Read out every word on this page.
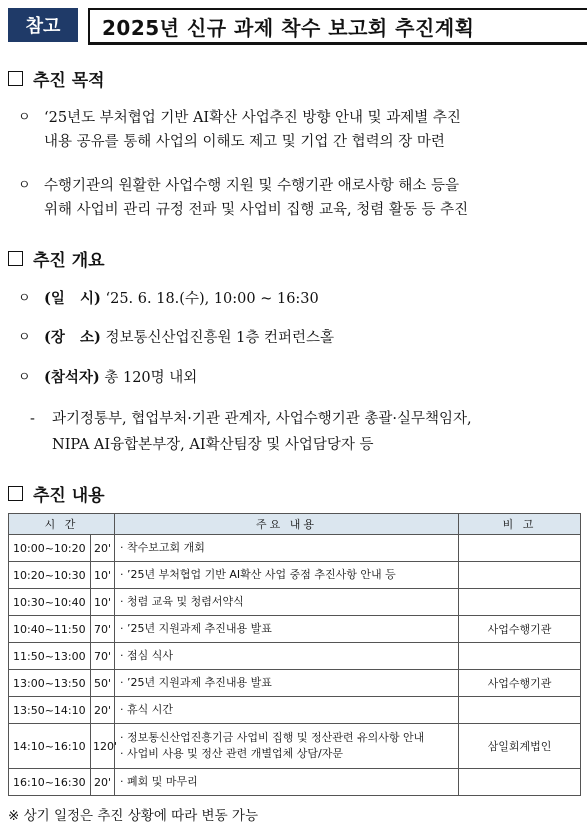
참고	2025년 신규 과제 착수 보고회 추진계획
추진 목적
ㅇ ‘25년도 부처협업 기반 AI확산 사업추진 방향 안내 및 과제별 추진
내용 공유를 통해 사업의 이해도 제고 및 기업 간 협력의 장 마련
ㅇ 수행기관의 원활한 사업수행 지원 및 수행기관 애로사항 해소 등을
위해 사업비 관리 규정 전파 및 사업비 집행 교육, 청렴 활동 등 추진
추진 개요
ㅇ (일   시) ‘25. 6. 18.(수), 10:00 ~ 16:30
ㅇ (장   소) 정보통신산업진흥원 1층 컨퍼런스홀
ㅇ (참석자) 총 120명 내외
- 과기정통부, 협업부처·기관 관계자, 사업수행기관 총괄·실무책임자,
NIPA AI융합본부장, AI확산팀장 및 사업담당자 등
추진 내용
시 간		주요 내용	비 고
10:00~10:20	20'	· 착수보고회 개회	

10:20~10:30	10'	· ’25년 부처협업 기반 AI확산 사업 중점 추진사항 안내 등	

10:30~10:40	10'	· 청렴 교육 및 청렴서약식	

10:40~11:50	70'	· ’25년 지원과제 추진내용 발표	사업수행기관
11:50~13:00	70'	· 점심 식사	

13:00~13:50	50'	· ’25년 지원과제 추진내용 발표	사업수행기관
13:50~14:10	20'	· 휴식 시간	

14:10~16:10	120'	· 정보통신산업진흥기금 사업비 집행 및 정산관련 유의사항 안내
· 사업비 사용 및 정산 관련 개별업체 상담/자문	삼일회계법인
16:10~16:30	20'	· 폐회 및 마무리	

※ 상기 일정은 추진 상황에 따라 변동 가능
